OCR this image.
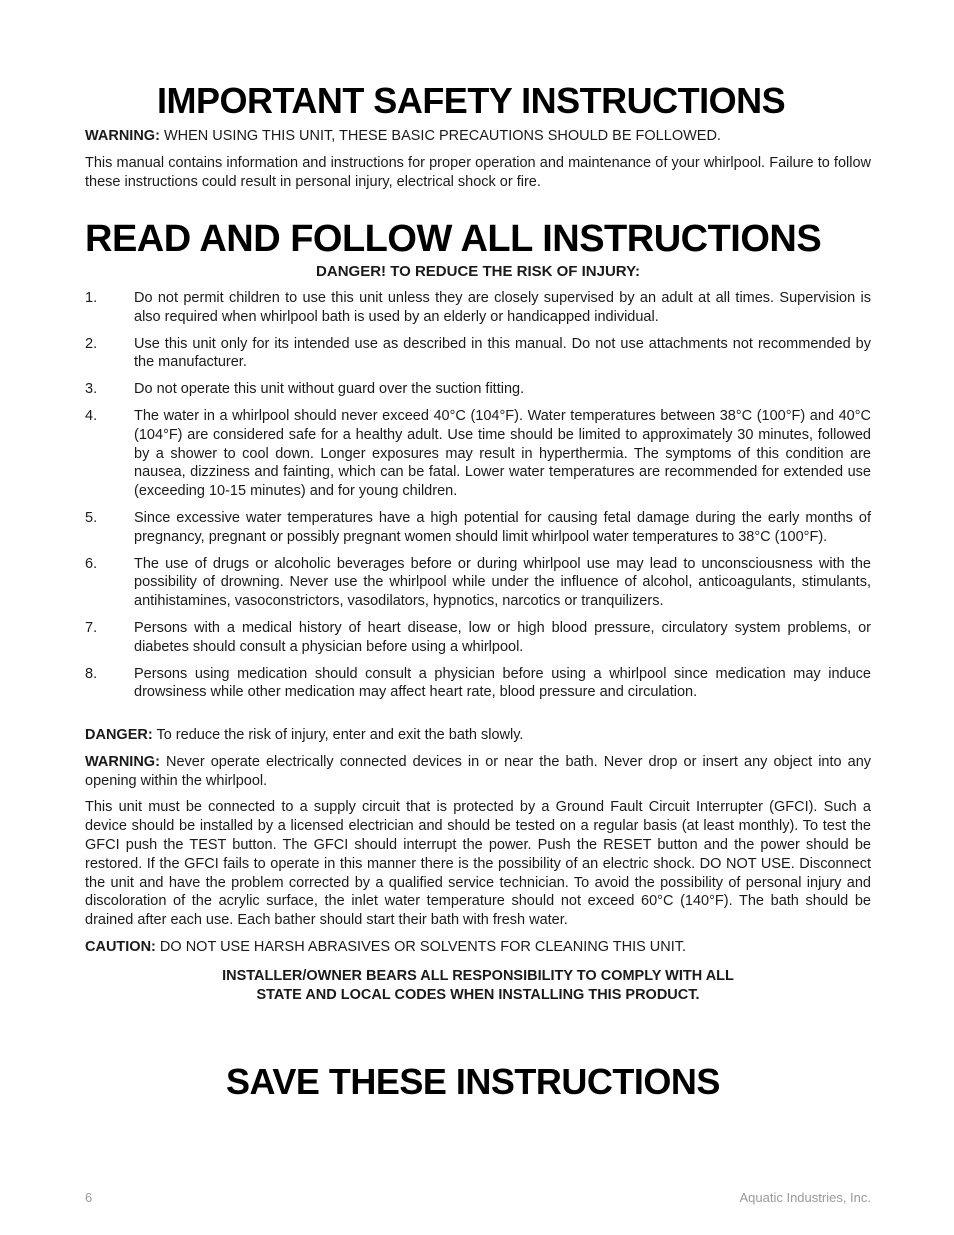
IMPORTANT SAFETY INSTRUCTIONS

WARNING: WHEN USING THIS UNIT, THESE BASIC PRECAUTIONS SHOULD BE FOLLOWED.

This manual contains information and instructions for proper operation and maintenance of your whirlpool. Failure to follow these instructions could result in personal injury, electrical shock or fire.

READ AND FOLLOW ALL INSTRUCTIONS
DANGER! TO REDUCE THE RISK OF INJURY:
1.	Do not permit children to use this unit unless they are closely supervised by an adult at all times. Supervision is also required when whirlpool bath is used by an elderly or handicapped individual.

2.	Use this unit only for its intended use as described in this manual. Do not use attachments not recommended by the manufacturer.

3.	Do not operate this unit without guard over the suction fitting.

4.	The water in a whirlpool should never exceed 40°C (104°F). Water temperatures between 38°C (100°F) and 40°C (104°F) are considered safe for a healthy adult. Use time should be limited to approximately 30 minutes, followed by a shower to cool down. Longer exposures may result in hyperthermia. The symptoms of this condition are nausea, dizziness and fainting, which can be fatal. Lower water temperatures are recommended for extended use (exceeding 10-15 minutes) and for young children.

5.	Since excessive water temperatures have a high potential for causing fetal damage during the early months of pregnancy, pregnant or possibly pregnant women should limit whirlpool water temperatures to 38°C (100°F).

6.	The use of drugs or alcoholic beverages before or during whirlpool use may lead to unconsciousness with the possibility of drowning. Never use the whirlpool while under the influence of alcohol, anticoagulants, stimulants, antihistamines, vasoconstrictors, vasodilators, hypnotics, narcotics or tranquilizers.

7.	Persons with a medical history of heart disease, low or high blood pressure, circulatory system problems, or diabetes should consult a physician before using a whirlpool.

8.	Persons using medication should consult a physician before using a whirlpool since medication may induce drowsiness while other medication may affect heart rate, blood pressure and circulation.

DANGER: To reduce the risk of injury, enter and exit the bath slowly.

WARNING: Never operate electrically connected devices in or near the bath. Never drop or insert any object into any opening within the whirlpool.

This unit must be connected to a supply circuit that is protected by a Ground Fault Circuit Interrupter (GFCI). Such a device should be installed by a licensed electrician and should be tested on a regular basis (at least monthly). To test the GFCI push the TEST button. The GFCI should interrupt the power. Push the RESET button and the power should be restored. If the GFCI fails to operate in this manner there is the possibility of an electric shock. DO NOT USE. Disconnect the unit and have the problem corrected by a qualified service technician. To avoid the possibility of personal injury and discoloration of the acrylic surface, the inlet water temperature should not exceed 60°C (140°F). The bath should be drained after each use. Each bather should start their bath with fresh water.

CAUTION: DO NOT USE HARSH ABRASIVES OR SOLVENTS FOR CLEANING THIS UNIT.

INSTALLER/OWNER BEARS ALL RESPONSIBILITY TO COMPLY WITH ALL
STATE AND LOCAL CODES WHEN INSTALLING THIS PRODUCT.
SAVE THESE INSTRUCTIONS
6	Aquatic Industries, Inc.
